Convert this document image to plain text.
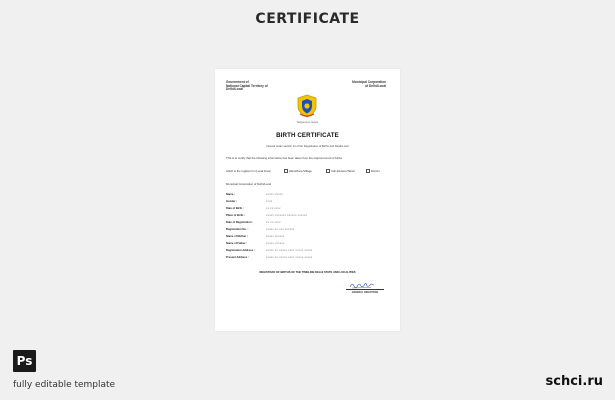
CERTIFICATE
Government of
National Capital Territory of
Delhi/Local
Municipal Corporation
of Delhi/Local
Satyameva Jayate
BIRTH CERTIFICATE
(Issued under section 12 of the Registration of Births and Deaths Act)
This is to certify that the following information has been taken from the original record of births
which is the register for (Local Area)	Ward/Zone/Village	Sub-Division/Tehsil	District
Municipal Corporation of Delhi/Local
Name :	xxxxx xxxxx
Gender :	xxxx
Date of Birth :	xx.xx.xxxx
Place of Birth :	xxxxx xxxxxxx xxxxxx xxxxxx
Date of Registration :	xx.xx.xxxx
Registration No. :	xxxxx.xx.xxx.xxxxxx
Name of Mother :	xxxxx xxxxxx
Name of Father :	xxxxx xxxxxx
Registration Address :	xxxxx xx xxxxx xxxx xxxxx xxxxx
Present Address :	xxxxx xx xxxxx xxxx xxxxx xxxxx
REGISTRAR OF BIRTHS OF THE TIMELINE DELHI STATE AND LOCALITIES
GENERAL REGISTRAR
Ps
fully editable template	schci.ru
